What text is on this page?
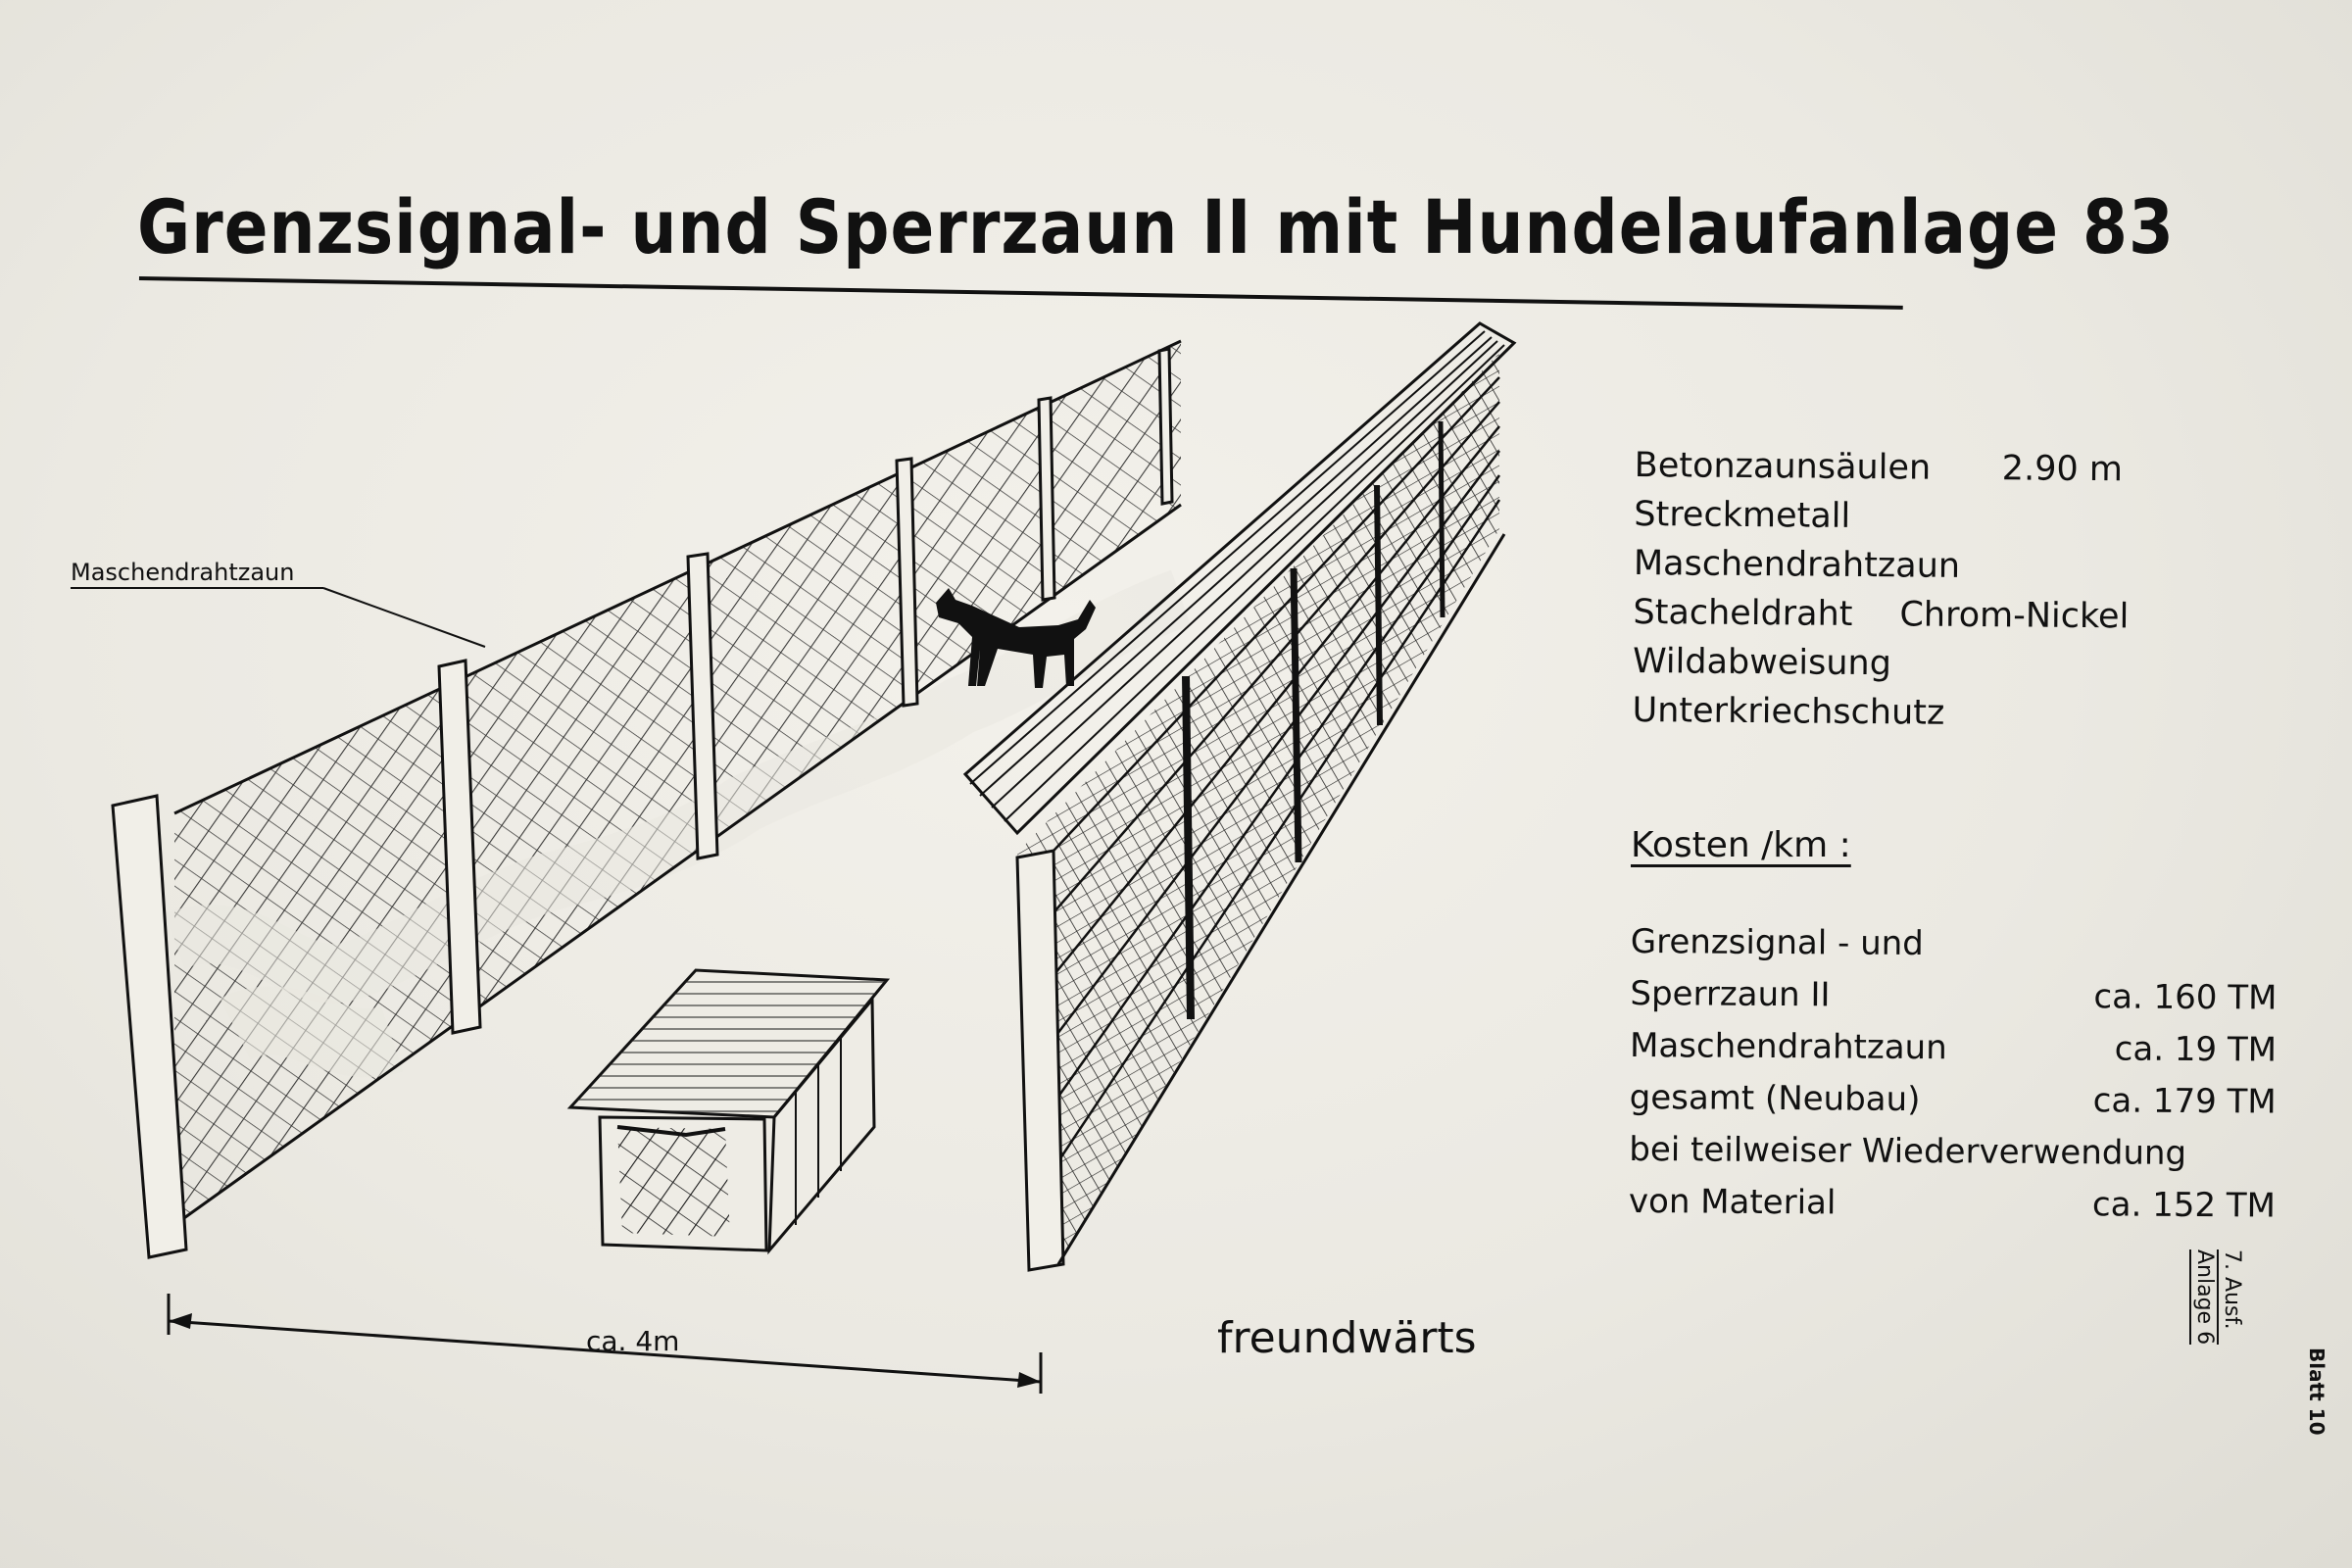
Grenzsignal- und Sperrzaun II mit Hundelaufanlage 83
Maschendrahtzaun
ca. 4m	freundwärts
Betonzaunsäulen 2.90 m
Streckmetall
Maschendrahtzaun
Stacheldraht Chrom-Nickel
Wildabweisung
Unterkriechschutz
Kosten /km :
Grenzsignal - und
Sperrzaun II	ca. 160 TM
Maschendrahtzaun	ca. 19 TM
gesamt (Neubau)	ca. 179 TM
bei teilweiser Wiederverwendung
von Material	ca. 152 TM
7. Ausf.
Anlage 6
Blatt 10
